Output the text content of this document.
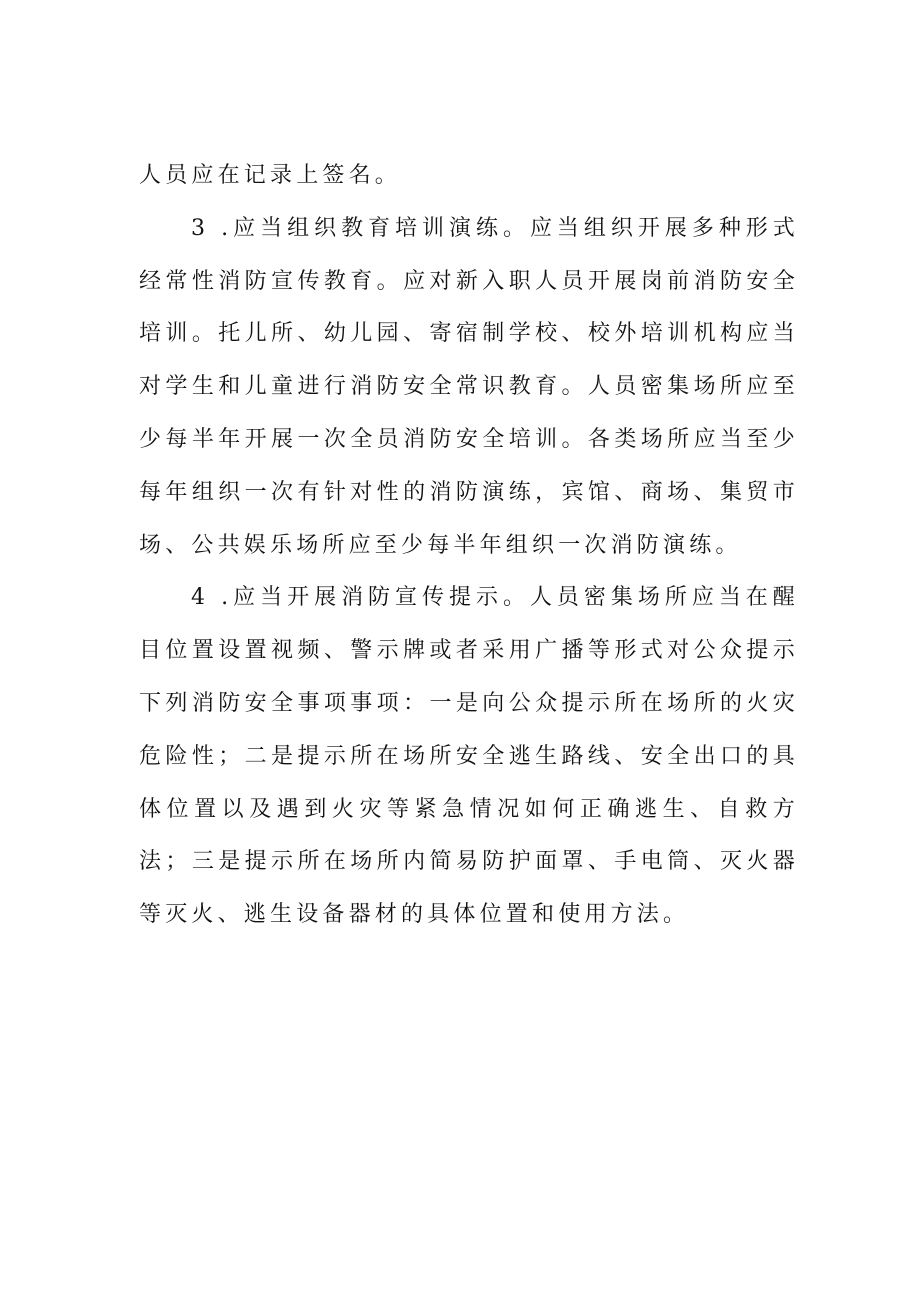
人员应在记录上签名。

3 .应当组织教育培训演练。应当组织开展多种形式经常性消防宣传教育。应对新入职人员开展岗前消防安全培训。托儿所、幼儿园、寄宿制学校、校外培训机构应当对学生和儿童进行消防安全常识教育。人员密集场所应至少每半年开展一次全员消防安全培训。各类场所应当至少每年组织一次有针对性的消防演练，宾馆、商场、集贸市场、公共娱乐场所应至少每半年组织一次消防演练。

4 .应当开展消防宣传提示。人员密集场所应当在醒目位置设置视频、警示牌或者采用广播等形式对公众提示下列消防安全事项事项：一是向公众提示所在场所的火灾危险性；二是提示所在场所安全逃生路线、安全出口的具体位置以及遇到火灾等紧急情况如何正确逃生、自救方法；三是提示所在场所内简易防护面罩、手电筒、灭火器等灭火、逃生设备器材的具体位置和使用方法。
